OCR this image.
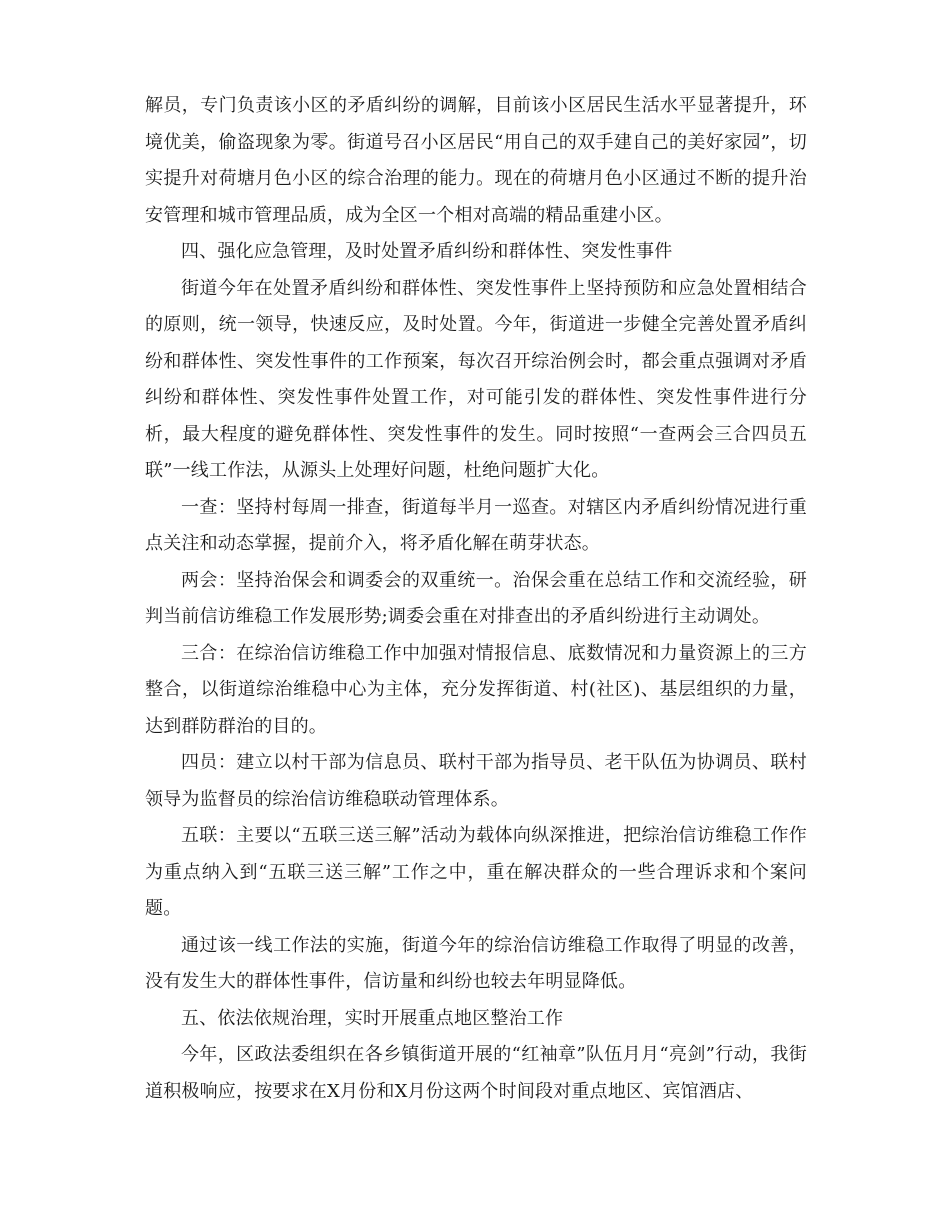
解员，专门负责该小区的矛盾纠纷的调解，目前该小区居民生活水平显著提升，环境优美，偷盗现象为零。街道号召小区居民“用自己的双手建自己的美好家园”，切实提升对荷塘月色小区的综合治理的能力。现在的荷塘月色小区通过不断的提升治安管理和城市管理品质，成为全区一个相对高端的精品重建小区。

四、强化应急管理，及时处置矛盾纠纷和群体性、突发性事件

街道今年在处置矛盾纠纷和群体性、突发性事件上坚持预防和应急处置相结合的原则，统一领导，快速反应，及时处置。今年，街道进一步健全完善处置矛盾纠纷和群体性、突发性事件的工作预案，每次召开综治例会时，都会重点强调对矛盾纠纷和群体性、突发性事件处置工作，对可能引发的群体性、突发性事件进行分析，最大程度的避免群体性、突发性事件的发生。同时按照“一查两会三合四员五联”一线工作法，从源头上处理好问题，杜绝问题扩大化。

一查：坚持村每周一排查，街道每半月一巡查。对辖区内矛盾纠纷情况进行重点关注和动态掌握，提前介入，将矛盾化解在萌芽状态。

两会：坚持治保会和调委会的双重统一。治保会重在总结工作和交流经验，研判当前信访维稳工作发展形势;调委会重在对排查出的矛盾纠纷进行主动调处。

三合：在综治信访维稳工作中加强对情报信息、底数情况和力量资源上的三方整合，以街道综治维稳中心为主体，充分发挥街道、村(社区)、基层组织的力量，达到群防群治的目的。

四员：建立以村干部为信息员、联村干部为指导员、老干队伍为协调员、联村领导为监督员的综治信访维稳联动管理体系。

五联：主要以“五联三送三解”活动为载体向纵深推进，把综治信访维稳工作作为重点纳入到“五联三送三解”工作之中，重在解决群众的一些合理诉求和个案问题。

通过该一线工作法的实施，街道今年的综治信访维稳工作取得了明显的改善，没有发生大的群体性事件，信访量和纠纷也较去年明显降低。

五、依法依规治理，实时开展重点地区整治工作

今年，区政法委组织在各乡镇街道开展的“红袖章”队伍月月“亮剑”行动，我街道积极响应，按要求在X月份和X月份这两个时间段对重点地区、宾馆酒店、
